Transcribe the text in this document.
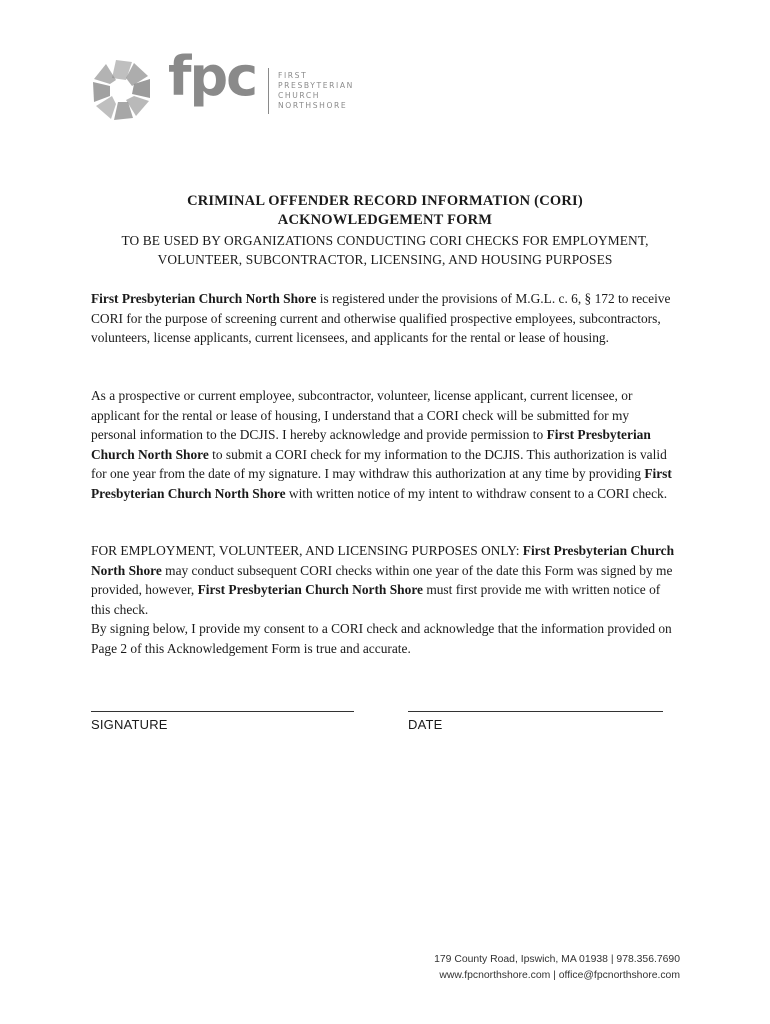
fpc	FIRST
PRESBYTERIAN
CHURCH
NORTHSHORE
CRIMINAL OFFENDER RECORD INFORMATION (CORI)
ACKNOWLEDGEMENT FORM
TO BE USED BY ORGANIZATIONS CONDUCTING CORI CHECKS FOR EMPLOYMENT,
VOLUNTEER, SUBCONTRACTOR, LICENSING, AND HOUSING PURPOSES

First Presbyterian Church North Shore is registered under the provisions of M.G.L. c. 6, § 172 to receive CORI for the purpose of screening current and otherwise qualified prospective employees, subcontractors, volunteers, license applicants, current licensees, and applicants for the rental or lease of housing.

As a prospective or current employee, subcontractor, volunteer, license applicant, current licensee, or applicant for the rental or lease of housing, I understand that a CORI check will be submitted for my personal information to the DCJIS. I hereby acknowledge and provide permission to First Presbyterian Church North Shore to submit a CORI check for my information to the DCJIS. This authorization is valid for one year from the date of my signature. I may withdraw this authorization at any time by providing First Presbyterian Church North Shore with written notice of my intent to withdraw consent to a CORI check.

FOR EMPLOYMENT, VOLUNTEER, AND LICENSING PURPOSES ONLY: First Presbyterian Church North Shore may conduct subsequent CORI checks within one year of the date this Form was signed by me provided, however, First Presbyterian Church North Shore must first provide me with written notice of this check.

By signing below, I provide my consent to a CORI check and acknowledge that the information provided on Page 2 of this Acknowledgement Form is true and accurate.

SIGNATURE	DATE
179 County Road, Ipswich, MA 01938 | 978.356.7690
www.fpcnorthshore.com | office@fpcnorthshore.com
